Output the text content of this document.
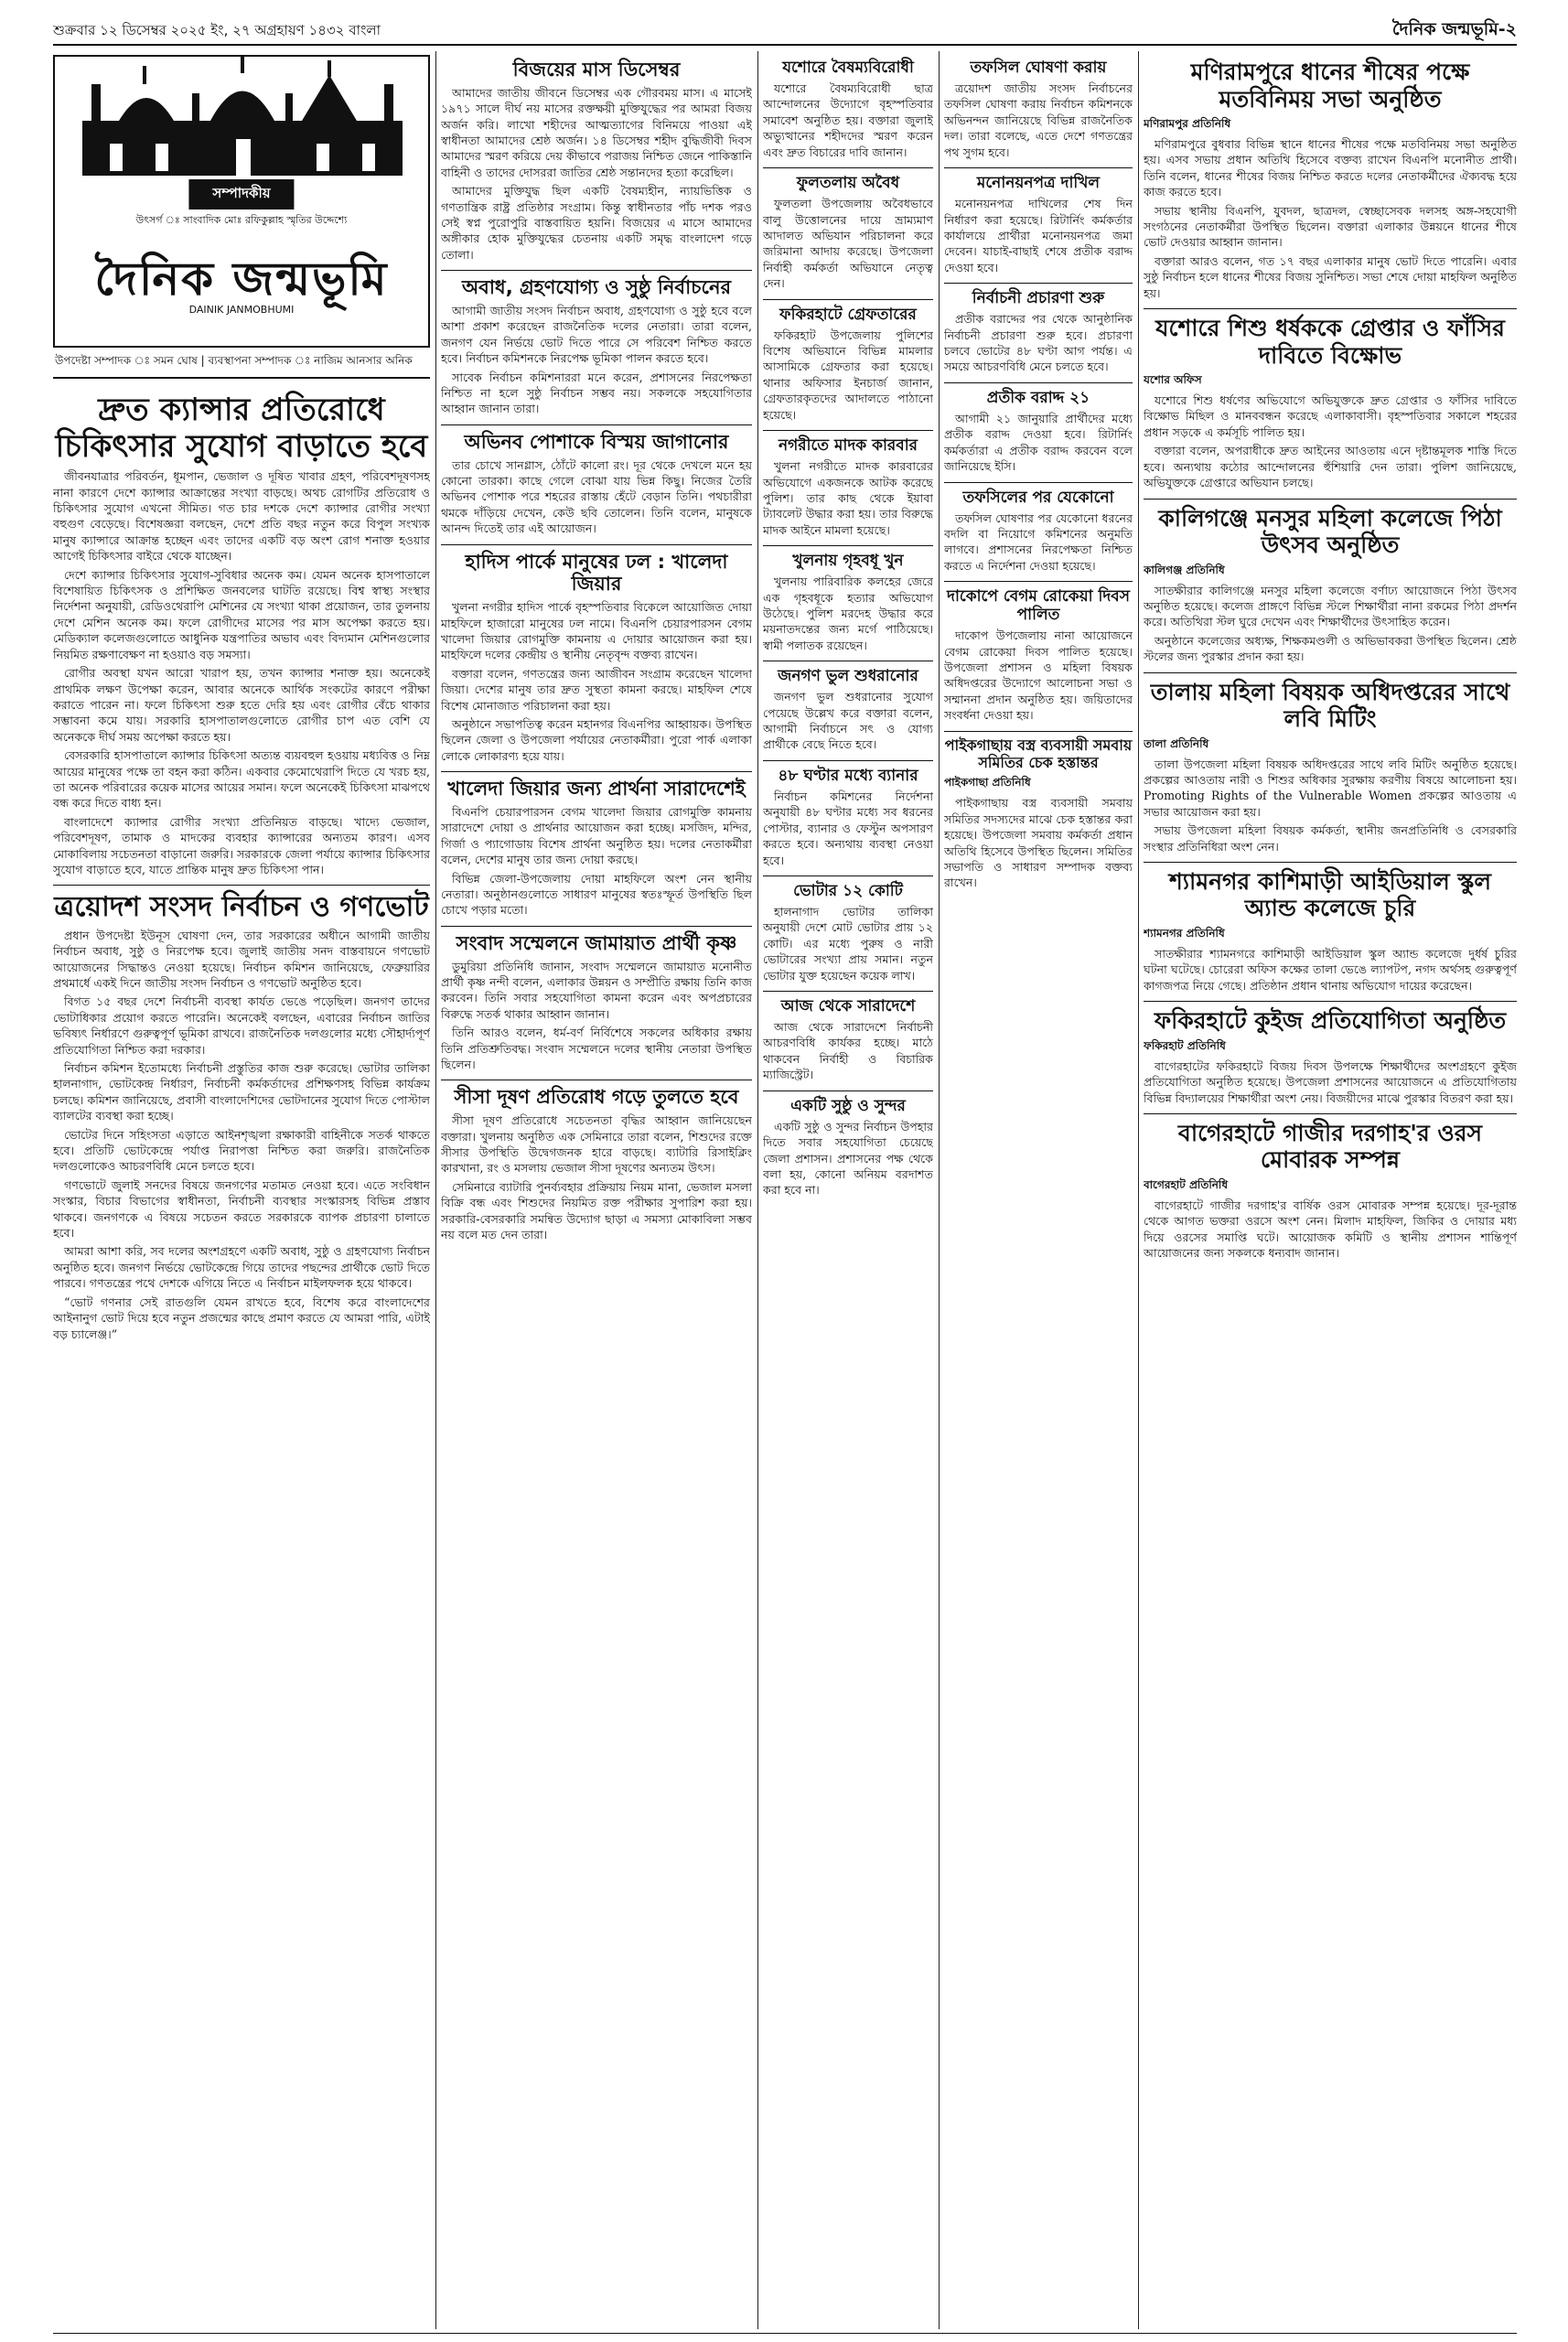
শুক্রবার ১২ ডিসেম্বর ২০২৫ ইং, ২৭ অগ্রহায়ণ ১৪৩২ বাংলা	দৈনিক জন্মভূমি-২
সম্পাদকীয়
উৎসর্গ ঃ সাংবাদিক মোঃ রফিকুল্লাহ স্মৃতির উদ্দেশ্যে
দৈনিক জন্মভূমি
DAINIK JANMOBHUMI
উপদেষ্টা সম্পাদক ঃ সমন ঘোষ | ব্যবস্থাপনা সম্পাদক ঃ নাজিম আনসার অনিক
দ্রুত ক্যান্সার প্রতিরোধে চিকিৎসার সুযোগ বাড়াতে হবে

জীবনযাত্রার পরিবর্তন, ধূমপান, ভেজাল ও দূষিত খাবার গ্রহণ, পরিবেশদূষণসহ নানা কারণে দেশে ক্যান্সার আক্রান্তের সংখ্যা বাড়ছে। অথচ রোগটির প্রতিরোধ ও চিকিৎসার সুযোগ এখনো সীমিত। গত চার দশকে দেশে ক্যান্সার রোগীর সংখ্যা বহুগুণ বেড়েছে। বিশেষজ্ঞরা বলছেন, দেশে প্রতি বছর নতুন করে বিপুল সংখ্যক মানুষ ক্যান্সারে আক্রান্ত হচ্ছেন এবং তাদের একটি বড় অংশ রোগ শনাক্ত হওয়ার আগেই চিকিৎসার বাইরে থেকে যাচ্ছেন।

দেশে ক্যান্সার চিকিৎসার সুযোগ-সুবিধার অনেক কম। যেমন অনেক হাসপাতালে বিশেষায়িত চিকিৎসক ও প্রশিক্ষিত জনবলের ঘাটতি রয়েছে। বিশ্ব স্বাস্থ্য সংস্থার নির্দেশনা অনুযায়ী, রেডিওথেরাপি মেশিনের যে সংখ্যা থাকা প্রয়োজন, তার তুলনায় দেশে মেশিন অনেক কম। ফলে রোগীদের মাসের পর মাস অপেক্ষা করতে হয়। মেডিক্যাল কলেজগুলোতে আধুনিক যন্ত্রপাতির অভাব এবং বিদ্যমান মেশিনগুলোর নিয়মিত রক্ষণাবেক্ষণ না হওয়াও বড় সমস্যা।

রোগীর অবস্থা যখন আরো খারাপ হয়, তখন ক্যান্সার শনাক্ত হয়। অনেকেই প্রাথমিক লক্ষণ উপেক্ষা করেন, আবার অনেকে আর্থিক সংকটের কারণে পরীক্ষা করাতে পারেন না। ফলে চিকিৎসা শুরু হতে দেরি হয় এবং রোগীর বেঁচে থাকার সম্ভাবনা কমে যায়। সরকারি হাসপাতালগুলোতে রোগীর চাপ এত বেশি যে অনেককে দীর্ঘ সময় অপেক্ষা করতে হয়।

বেসরকারি হাসপাতালে ক্যান্সার চিকিৎসা অত্যন্ত ব্যয়বহুল হওয়ায় মধ্যবিত্ত ও নিম্ন আয়ের মানুষের পক্ষে তা বহন করা কঠিন। একবার কেমোথেরাপি দিতে যে খরচ হয়, তা অনেক পরিবারের কয়েক মাসের আয়ের সমান। ফলে অনেকেই চিকিৎসা মাঝপথে বন্ধ করে দিতে বাধ্য হন।

বাংলাদেশে ক্যান্সার রোগীর সংখ্যা প্রতিনিয়ত বাড়ছে। খাদ্যে ভেজাল, পরিবেশদূষণ, তামাক ও মাদকের ব্যবহার ক্যান্সারের অন্যতম কারণ। এসব মোকাবিলায় সচেতনতা বাড়ানো জরুরি। সরকারকে জেলা পর্যায়ে ক্যান্সার চিকিৎসার সুযোগ বাড়াতে হবে, যাতে প্রান্তিক মানুষ দ্রুত চিকিৎসা পান।

ত্রয়োদশ সংসদ নির্বাচন ও গণভোট

প্রধান উপদেষ্টা ইউনূস ঘোষণা দেন, তার সরকারের অধীনে আগামী জাতীয় নির্বাচন অবাধ, সুষ্ঠু ও নিরপেক্ষ হবে। জুলাই জাতীয় সনদ বাস্তবায়নে গণভোট আয়োজনের সিদ্ধান্তও নেওয়া হয়েছে। নির্বাচন কমিশন জানিয়েছে, ফেব্রুয়ারির প্রথমার্ধে একই দিনে জাতীয় সংসদ নির্বাচন ও গণভোট অনুষ্ঠিত হবে।

বিগত ১৫ বছর দেশে নির্বাচনী ব্যবস্থা কার্যত ভেঙে পড়েছিল। জনগণ তাদের ভোটাধিকার প্রয়োগ করতে পারেনি। অনেকেই বলছেন, এবারের নির্বাচন জাতির ভবিষ্যৎ নির্ধারণে গুরুত্বপূর্ণ ভূমিকা রাখবে। রাজনৈতিক দলগুলোর মধ্যে সৌহার্দ্যপূর্ণ প্রতিযোগিতা নিশ্চিত করা দরকার।

নির্বাচন কমিশন ইতোমধ্যে নির্বাচনী প্রস্তুতির কাজ শুরু করেছে। ভোটার তালিকা হালনাগাদ, ভোটকেন্দ্র নির্ধারণ, নির্বাচনী কর্মকর্তাদের প্রশিক্ষণসহ বিভিন্ন কার্যক্রম চলছে। কমিশন জানিয়েছে, প্রবাসী বাংলাদেশিদের ভোটদানের সুযোগ দিতে পোস্টাল ব্যালটের ব্যবস্থা করা হচ্ছে।

ভোটের দিনে সহিংসতা এড়াতে আইনশৃঙ্খলা রক্ষাকারী বাহিনীকে সতর্ক থাকতে হবে। প্রতিটি ভোটকেন্দ্রে পর্যাপ্ত নিরাপত্তা নিশ্চিত করা জরুরি। রাজনৈতিক দলগুলোকেও আচরণবিধি মেনে চলতে হবে।

গণভোটে জুলাই সনদের বিষয়ে জনগণের মতামত নেওয়া হবে। এতে সংবিধান সংস্কার, বিচার বিভাগের স্বাধীনতা, নির্বাচনী ব্যবস্থার সংস্কারসহ বিভিন্ন প্রস্তাব থাকবে। জনগণকে এ বিষয়ে সচেতন করতে সরকারকে ব্যাপক প্রচারণা চালাতে হবে।

আমরা আশা করি, সব দলের অংশগ্রহণে একটি অবাধ, সুষ্ঠু ও গ্রহণযোগ্য নির্বাচন অনুষ্ঠিত হবে। জনগণ নির্ভয়ে ভোটকেন্দ্রে গিয়ে তাদের পছন্দের প্রার্থীকে ভোট দিতে পারবে। গণতন্ত্রের পথে দেশকে এগিয়ে নিতে এ নির্বাচন মাইলফলক হয়ে থাকবে।

“ভোট গণনার সেই রাতগুলি যেমন রাখতে হবে, বিশেষ করে বাংলাদেশের আইনানুগ ভোট দিয়ে হবে নতুন প্রজন্মের কাছে প্রমাণ করতে যে আমরা পারি, এটাই বড় চ্যালেঞ্জ।”

বিজয়ের মাস ডিসেম্বর

আমাদের জাতীয় জীবনে ডিসেম্বর এক গৌরবময় মাস। এ মাসেই ১৯৭১ সালে দীর্ঘ নয় মাসের রক্তক্ষয়ী মুক্তিযুদ্ধের পর আমরা বিজয় অর্জন করি। লাখো শহীদের আত্মত্যাগের বিনিময়ে পাওয়া এই স্বাধীনতা আমাদের শ্রেষ্ঠ অর্জন। ১৪ ডিসেম্বর শহীদ বুদ্ধিজীবী দিবস আমাদের স্মরণ করিয়ে দেয় কীভাবে পরাজয় নিশ্চিত জেনে পাকিস্তানি বাহিনী ও তাদের দোসররা জাতির শ্রেষ্ঠ সন্তানদের হত্যা করেছিল।

আমাদের মুক্তিযুদ্ধ ছিল একটি বৈষম্যহীন, ন্যায়ভিত্তিক ও গণতান্ত্রিক রাষ্ট্র প্রতিষ্ঠার সংগ্রাম। কিন্তু স্বাধীনতার পাঁচ দশক পরও সেই স্বপ্ন পুরোপুরি বাস্তবায়িত হয়নি। বিজয়ের এ মাসে আমাদের অঙ্গীকার হোক মুক্তিযুদ্ধের চেতনায় একটি সমৃদ্ধ বাংলাদেশ গড়ে তোলা।

অবাধ, গ্রহণযোগ্য ও সুষ্ঠু নির্বাচনের

আগামী জাতীয় সংসদ নির্বাচন অবাধ, গ্রহণযোগ্য ও সুষ্ঠু হবে বলে আশা প্রকাশ করেছেন রাজনৈতিক দলের নেতারা। তারা বলেন, জনগণ যেন নির্ভয়ে ভোট দিতে পারে সে পরিবেশ নিশ্চিত করতে হবে। নির্বাচন কমিশনকে নিরপেক্ষ ভূমিকা পালন করতে হবে।

সাবেক নির্বাচন কমিশনাররা মনে করেন, প্রশাসনের নিরপেক্ষতা নিশ্চিত না হলে সুষ্ঠু নির্বাচন সম্ভব নয়। সকলকে সহযোগিতার আহ্বান জানান তারা।

অভিনব পোশাকে বিস্ময় জাগানোর

তার চোখে সানগ্লাস, ঠোঁটে কালো রং। দূর থেকে দেখলে মনে হয় কোনো তারকা। কাছে গেলে বোঝা যায় ভিন্ন কিছু। নিজের তৈরি অভিনব পোশাক পরে শহরের রাস্তায় হেঁটে বেড়ান তিনি। পথচারীরা থমকে দাঁড়িয়ে দেখেন, কেউ ছবি তোলেন। তিনি বলেন, মানুষকে আনন্দ দিতেই তার এই আয়োজন।

হাদিস পার্কে মানুষের ঢল : খালেদা জিয়ার

খুলনা নগরীর হাদিস পার্কে বৃহস্পতিবার বিকেলে আয়োজিত দোয়া মাহফিলে হাজারো মানুষের ঢল নামে। বিএনপি চেয়ারপারসন বেগম খালেদা জিয়ার রোগমুক্তি কামনায় এ দোয়ার আয়োজন করা হয়। মাহফিলে দলের কেন্দ্রীয় ও স্থানীয় নেতৃবৃন্দ বক্তব্য রাখেন।

বক্তারা বলেন, গণতন্ত্রের জন্য আজীবন সংগ্রাম করেছেন খালেদা জিয়া। দেশের মানুষ তার দ্রুত সুস্থতা কামনা করছে। মাহফিল শেষে বিশেষ মোনাজাত পরিচালনা করা হয়।

অনুষ্ঠানে সভাপতিত্ব করেন মহানগর বিএনপির আহ্বায়ক। উপস্থিত ছিলেন জেলা ও উপজেলা পর্যায়ের নেতাকর্মীরা। পুরো পার্ক এলাকা লোকে লোকারণ্য হয়ে যায়।

খালেদা জিয়ার জন্য প্রার্থনা সারাদেশেই

বিএনপি চেয়ারপারসন বেগম খালেদা জিয়ার রোগমুক্তি কামনায় সারাদেশে দোয়া ও প্রার্থনার আয়োজন করা হচ্ছে। মসজিদ, মন্দির, গির্জা ও প্যাগোডায় বিশেষ প্রার্থনা অনুষ্ঠিত হয়। দলের নেতাকর্মীরা বলেন, দেশের মানুষ তার জন্য দোয়া করছে।

বিভিন্ন জেলা-উপজেলায় দোয়া মাহফিলে অংশ নেন স্থানীয় নেতারা। অনুষ্ঠানগুলোতে সাধারণ মানুষের স্বতঃস্ফূর্ত উপস্থিতি ছিল চোখে পড়ার মতো।

সংবাদ সম্মেলনে জামায়াত প্রার্থী কৃষ্ণ

ডুমুরিয়া প্রতিনিধি জানান, সংবাদ সম্মেলনে জামায়াত মনোনীত প্রার্থী কৃষ্ণ নন্দী বলেন, এলাকার উন্নয়ন ও সম্প্রীতি রক্ষায় তিনি কাজ করবেন। তিনি সবার সহযোগিতা কামনা করেন এবং অপপ্রচারের বিরুদ্ধে সতর্ক থাকার আহ্বান জানান।

তিনি আরও বলেন, ধর্ম-বর্ণ নির্বিশেষে সকলের অধিকার রক্ষায় তিনি প্রতিশ্রুতিবদ্ধ। সংবাদ সম্মেলনে দলের স্থানীয় নেতারা উপস্থিত ছিলেন।

সীসা দূষণ প্রতিরোধ গড়ে তুলতে হবে

সীসা দূষণ প্রতিরোধে সচেতনতা বৃদ্ধির আহ্বান জানিয়েছেন বক্তারা। খুলনায় অনুষ্ঠিত এক সেমিনারে তারা বলেন, শিশুদের রক্তে সীসার উপস্থিতি উদ্বেগজনক হারে বাড়ছে। ব্যাটারি রিসাইক্লিং কারখানা, রং ও মসলায় ভেজাল সীসা দূষণের অন্যতম উৎস।

সেমিনারে ব্যাটারি পুনর্ব্যবহার প্রক্রিয়ায় নিয়ম মানা, ভেজাল মসলা বিক্রি বন্ধ এবং শিশুদের নিয়মিত রক্ত পরীক্ষার সুপারিশ করা হয়। সরকারি-বেসরকারি সমন্বিত উদ্যোগ ছাড়া এ সমস্যা মোকাবিলা সম্ভব নয় বলে মত দেন তারা।

যশোরে বৈষম্যবিরোধী

যশোরে বৈষম্যবিরোধী ছাত্র আন্দোলনের উদ্যোগে বৃহস্পতিবার সমাবেশ অনুষ্ঠিত হয়। বক্তারা জুলাই অভ্যুত্থানের শহীদদের স্মরণ করেন এবং দ্রুত বিচারের দাবি জানান।

ফুলতলায় অবৈধ

ফুলতলা উপজেলায় অবৈধভাবে বালু উত্তোলনের দায়ে ভ্রাম্যমাণ আদালত অভিযান পরিচালনা করে জরিমানা আদায় করেছে। উপজেলা নির্বাহী কর্মকর্তা অভিযানে নেতৃত্ব দেন।

ফকিরহাটে গ্রেফতারের

ফকিরহাট উপজেলায় পুলিশের বিশেষ অভিযানে বিভিন্ন মামলার আসামিকে গ্রেফতার করা হয়েছে। থানার অফিসার ইনচার্জ জানান, গ্রেফতারকৃতদের আদালতে পাঠানো হয়েছে।

নগরীতে মাদক কারবার

খুলনা নগরীতে মাদক কারবারের অভিযোগে একজনকে আটক করেছে পুলিশ। তার কাছ থেকে ইয়াবা ট্যাবলেট উদ্ধার করা হয়। তার বিরুদ্ধে মাদক আইনে মামলা হয়েছে।

খুলনায় গৃহবধূ খুন

খুলনায় পারিবারিক কলহের জেরে এক গৃহবধূকে হত্যার অভিযোগ উঠেছে। পুলিশ মরদেহ উদ্ধার করে ময়নাতদন্তের জন্য মর্গে পাঠিয়েছে। স্বামী পলাতক রয়েছেন।

জনগণ ভুল শুধরানোর

জনগণ ভুল শুধরানোর সুযোগ পেয়েছে উল্লেখ করে বক্তারা বলেন, আগামী নির্বাচনে সৎ ও যোগ্য প্রার্থীকে বেছে নিতে হবে।

৪৮ ঘণ্টার মধ্যে ব্যানার

নির্বাচন কমিশনের নির্দেশনা অনুযায়ী ৪৮ ঘণ্টার মধ্যে সব ধরনের পোস্টার, ব্যানার ও ফেস্টুন অপসারণ করতে হবে। অন্যথায় ব্যবস্থা নেওয়া হবে।

ভোটার ১২ কোটি

হালনাগাদ ভোটার তালিকা অনুযায়ী দেশে মোট ভোটার প্রায় ১২ কোটি। এর মধ্যে পুরুষ ও নারী ভোটারের সংখ্যা প্রায় সমান। নতুন ভোটার যুক্ত হয়েছেন কয়েক লাখ।

আজ থেকে সারাদেশে

আজ থেকে সারাদেশে নির্বাচনী আচরণবিধি কার্যকর হচ্ছে। মাঠে থাকবেন নির্বাহী ও বিচারিক ম্যাজিস্ট্রেট।

একটি সুষ্ঠু ও সুন্দর

একটি সুষ্ঠু ও সুন্দর নির্বাচন উপহার দিতে সবার সহযোগিতা চেয়েছে জেলা প্রশাসন। প্রশাসনের পক্ষ থেকে বলা হয়, কোনো অনিয়ম বরদাশত করা হবে না।

তফসিল ঘোষণা করায়

ত্রয়োদশ জাতীয় সংসদ নির্বাচনের তফসিল ঘোষণা করায় নির্বাচন কমিশনকে অভিনন্দন জানিয়েছে বিভিন্ন রাজনৈতিক দল। তারা বলেছে, এতে দেশে গণতন্ত্রের পথ সুগম হবে।

মনোনয়নপত্র দাখিল

মনোনয়নপত্র দাখিলের শেষ দিন নির্ধারণ করা হয়েছে। রিটার্নিং কর্মকর্তার কার্যালয়ে প্রার্থীরা মনোনয়নপত্র জমা দেবেন। যাচাই-বাছাই শেষে প্রতীক বরাদ্দ দেওয়া হবে।

নির্বাচনী প্রচারণা শুরু

প্রতীক বরাদ্দের পর থেকে আনুষ্ঠানিক নির্বাচনী প্রচারণা শুরু হবে। প্রচারণা চলবে ভোটের ৪৮ ঘণ্টা আগ পর্যন্ত। এ সময়ে আচরণবিধি মেনে চলতে হবে।

প্রতীক বরাদ্দ ২১

আগামী ২১ জানুয়ারি প্রার্থীদের মধ্যে প্রতীক বরাদ্দ দেওয়া হবে। রিটার্নিং কর্মকর্তারা এ প্রতীক বরাদ্দ করবেন বলে জানিয়েছে ইসি।

তফসিলের পর যেকোনো

তফসিল ঘোষণার পর যেকোনো ধরনের বদলি বা নিয়োগে কমিশনের অনুমতি লাগবে। প্রশাসনের নিরপেক্ষতা নিশ্চিত করতে এ নির্দেশনা দেওয়া হয়েছে।

দাকোপে বেগম রোকেয়া দিবস পালিত

দাকোপ উপজেলায় নানা আয়োজনে বেগম রোকেয়া দিবস পালিত হয়েছে। উপজেলা প্রশাসন ও মহিলা বিষয়ক অধিদপ্তরের উদ্যোগে আলোচনা সভা ও সম্মাননা প্রদান অনুষ্ঠিত হয়। জয়িতাদের সংবর্ধনা দেওয়া হয়।

পাইকগাছায় বস্ত্র ব্যবসায়ী সমবায় সমিতির চেক হস্তান্তর
পাইকগাছা প্রতিনিধি

পাইকগাছায় বস্ত্র ব্যবসায়ী সমবায় সমিতির সদস্যদের মাঝে চেক হস্তান্তর করা হয়েছে। উপজেলা সমবায় কর্মকর্তা প্রধান অতিথি হিসেবে উপস্থিত ছিলেন। সমিতির সভাপতি ও সাধারণ সম্পাদক বক্তব্য রাখেন।

মণিরামপুরে ধানের শীষের পক্ষে মতবিনিময় সভা অনুষ্ঠিত
মণিরামপুর প্রতিনিধি

মণিরামপুরে বুধবার বিভিন্ন স্থানে ধানের শীষের পক্ষে মতবিনিময় সভা অনুষ্ঠিত হয়। এসব সভায় প্রধান অতিথি হিসেবে বক্তব্য রাখেন বিএনপি মনোনীত প্রার্থী। তিনি বলেন, ধানের শীষের বিজয় নিশ্চিত করতে দলের নেতাকর্মীদের ঐক্যবদ্ধ হয়ে কাজ করতে হবে।

সভায় স্থানীয় বিএনপি, যুবদল, ছাত্রদল, স্বেচ্ছাসেবক দলসহ অঙ্গ-সহযোগী সংগঠনের নেতাকর্মীরা উপস্থিত ছিলেন। বক্তারা এলাকার উন্নয়নে ধানের শীষে ভোট দেওয়ার আহ্বান জানান।

বক্তারা আরও বলেন, গত ১৭ বছর এলাকার মানুষ ভোট দিতে পারেনি। এবার সুষ্ঠু নির্বাচন হলে ধানের শীষের বিজয় সুনিশ্চিত। সভা শেষে দোয়া মাহফিল অনুষ্ঠিত হয়।

যশোরে শিশু ধর্ষককে গ্রেপ্তার ও ফাঁসির দাবিতে বিক্ষোভ
যশোর অফিস

যশোরে শিশু ধর্ষণের অভিযোগে অভিযুক্তকে দ্রুত গ্রেপ্তার ও ফাঁসির দাবিতে বিক্ষোভ মিছিল ও মানববন্ধন করেছে এলাকাবাসী। বৃহস্পতিবার সকালে শহরের প্রধান সড়কে এ কর্মসূচি পালিত হয়।

বক্তারা বলেন, অপরাধীকে দ্রুত আইনের আওতায় এনে দৃষ্টান্তমূলক শাস্তি দিতে হবে। অন্যথায় কঠোর আন্দোলনের হুঁশিয়ারি দেন তারা। পুলিশ জানিয়েছে, অভিযুক্তকে গ্রেপ্তারে অভিযান চলছে।

কালিগঞ্জে মনসুর মহিলা কলেজে পিঠা উৎসব অনুষ্ঠিত
কালিগঞ্জ প্রতিনিধি

সাতক্ষীরার কালিগঞ্জে মনসুর মহিলা কলেজে বর্ণাঢ্য আয়োজনে পিঠা উৎসব অনুষ্ঠিত হয়েছে। কলেজ প্রাঙ্গণে বিভিন্ন স্টলে শিক্ষার্থীরা নানা রকমের পিঠা প্রদর্শন করে। অতিথিরা স্টল ঘুরে দেখেন এবং শিক্ষার্থীদের উৎসাহিত করেন।

অনুষ্ঠানে কলেজের অধ্যক্ষ, শিক্ষকমণ্ডলী ও অভিভাবকরা উপস্থিত ছিলেন। শ্রেষ্ঠ স্টলের জন্য পুরস্কার প্রদান করা হয়।

তালায় মহিলা বিষয়ক অধিদপ্তরের সাথে লবি মিটিং
তালা প্রতিনিধি

তালা উপজেলা মহিলা বিষয়ক অধিদপ্তরের সাথে লবি মিটিং অনুষ্ঠিত হয়েছে। প্রকল্পের আওতায় নারী ও শিশুর অধিকার সুরক্ষায় করণীয় বিষয়ে আলোচনা হয়। Promoting Rights of the Vulnerable Women প্রকল্পের আওতায় এ সভার আয়োজন করা হয়।

সভায় উপজেলা মহিলা বিষয়ক কর্মকর্তা, স্থানীয় জনপ্রতিনিধি ও বেসরকারি সংস্থার প্রতিনিধিরা অংশ নেন।

শ্যামনগর কাশিমাড়ী আইডিয়াল স্কুল অ্যান্ড কলেজে চুরি
শ্যামনগর প্রতিনিধি

সাতক্ষীরার শ্যামনগরে কাশিমাড়ী আইডিয়াল স্কুল অ্যান্ড কলেজে দুর্ধর্ষ চুরির ঘটনা ঘটেছে। চোরেরা অফিস কক্ষের তালা ভেঙে ল্যাপটপ, নগদ অর্থসহ গুরুত্বপূর্ণ কাগজপত্র নিয়ে গেছে। প্রতিষ্ঠান প্রধান থানায় অভিযোগ দায়ের করেছেন।

ফকিরহাটে কুইজ প্রতিযোগিতা অনুষ্ঠিত
ফকিরহাট প্রতিনিধি

বাগেরহাটের ফকিরহাটে বিজয় দিবস উপলক্ষে শিক্ষার্থীদের অংশগ্রহণে কুইজ প্রতিযোগিতা অনুষ্ঠিত হয়েছে। উপজেলা প্রশাসনের আয়োজনে এ প্রতিযোগিতায় বিভিন্ন বিদ্যালয়ের শিক্ষার্থীরা অংশ নেয়। বিজয়ীদের মাঝে পুরস্কার বিতরণ করা হয়।

বাগেরহাটে গাজীর দরগাহ'র ওরস মোবারক সম্পন্ন
বাগেরহাট প্রতিনিধি

বাগেরহাটে গাজীর দরগাহ'র বার্ষিক ওরস মোবারক সম্পন্ন হয়েছে। দূর-দূরান্ত থেকে আগত ভক্তরা ওরসে অংশ নেন। মিলাদ মাহফিল, জিকির ও দোয়ার মধ্য দিয়ে ওরসের সমাপ্তি ঘটে। আয়োজক কমিটি ও স্থানীয় প্রশাসন শান্তিপূর্ণ আয়োজনের জন্য সকলকে ধন্যবাদ জানান।
